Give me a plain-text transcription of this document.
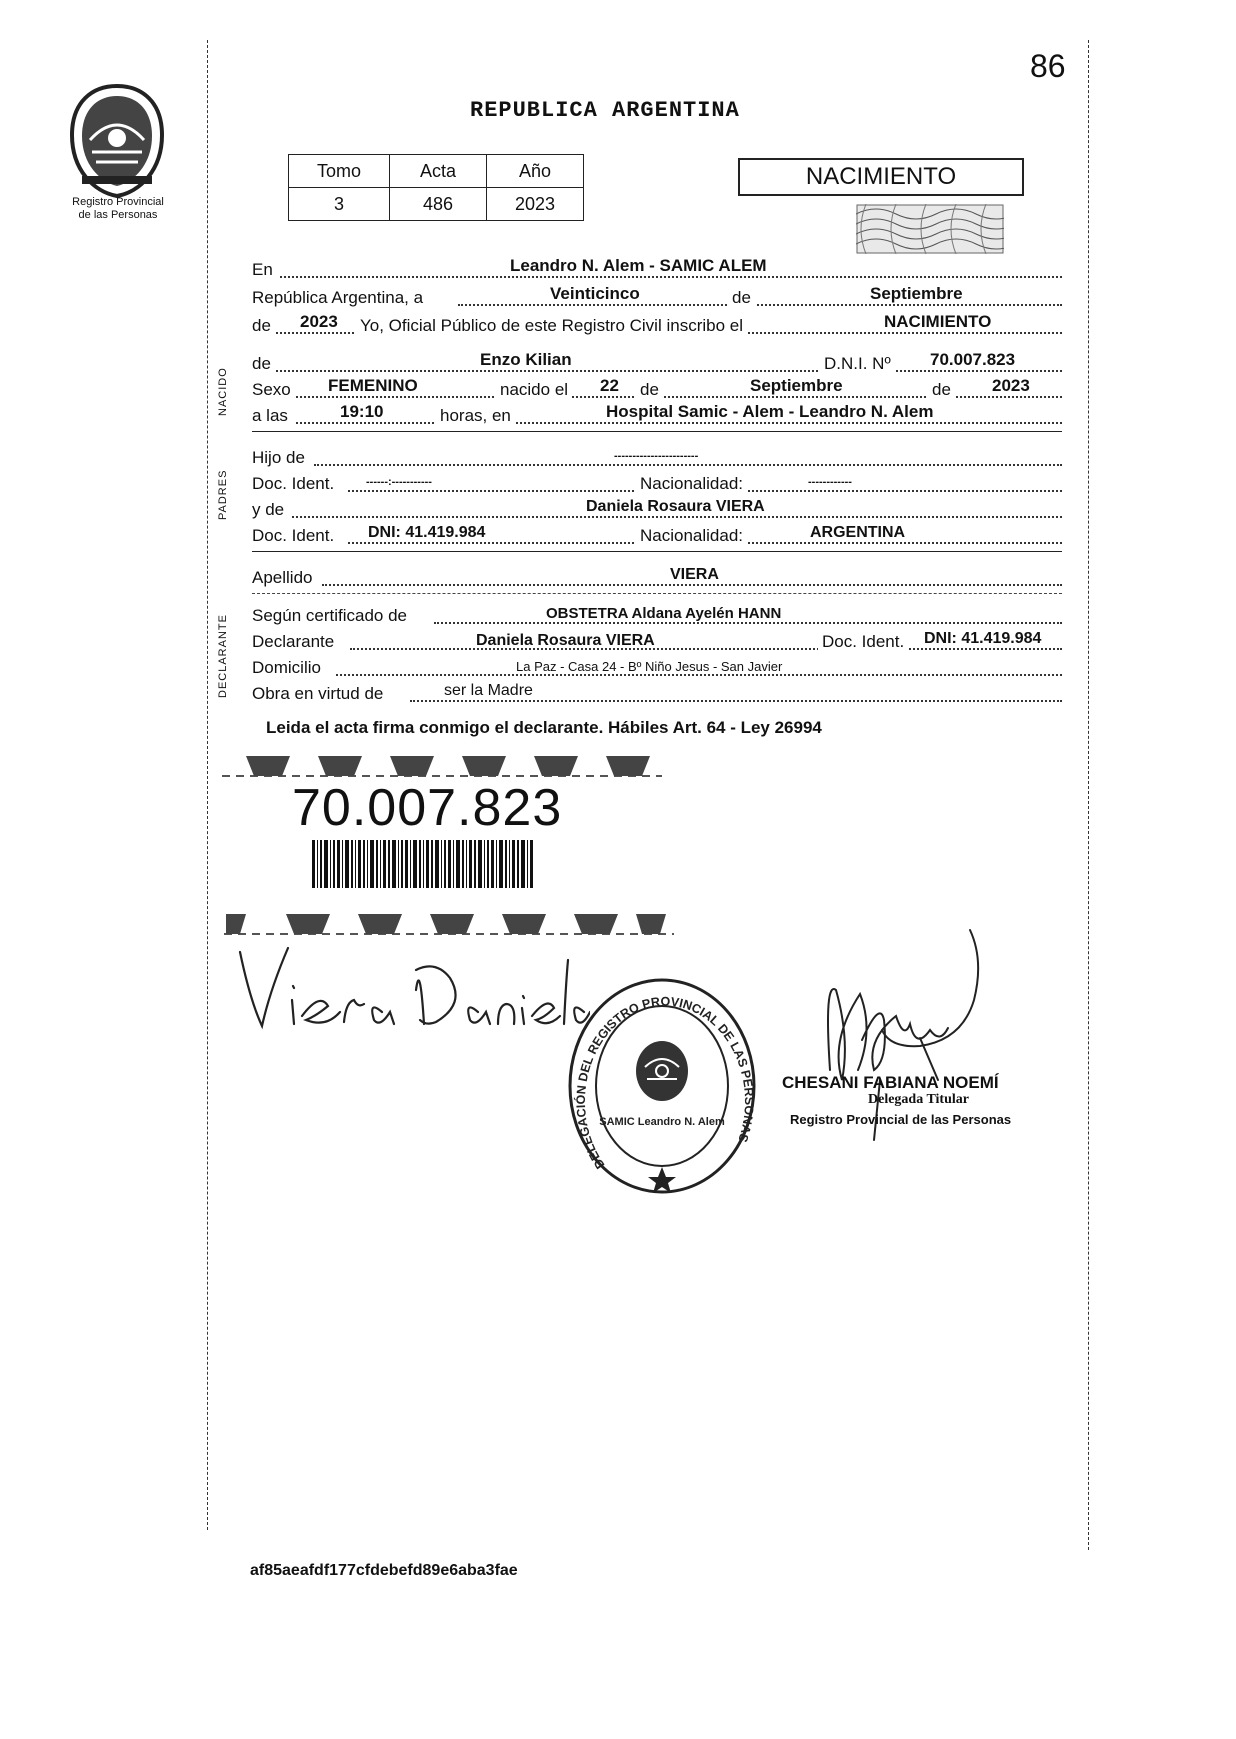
Registro Provincial
de las Personas
86
REPUBLICA ARGENTINA
Tomo	Acta	Año
3	486	2023
NACIMIENTO
En	Leandro N. Alem - SAMIC ALEM
República Argentina, a	Veinticinco	de	Septiembre
de 2023 Yo, Oficial Público de este Registro Civil inscribo el	NACIMIENTO
NACIDO
de	Enzo Kilian	D.N.I. Nº 70.007.823
Sexo FEMENINO	nacido el 22 de	Septiembre	de 2023
a las	19:10	horas, en	Hospital Samic - Alem - Leandro N. Alem
PADRES
Hijo de	-----------------------
Doc. Ident.	------:-----------	Nacionalidad:	------------
y de	Daniela Rosaura VIERA
Doc. Ident. DNI: 41.419.984	Nacionalidad:	ARGENTINA
Apellido	VIERA
DECLARANTE	Según certificado de	OBSTETRA Aldana Ayelén HANN
Declarante	Daniela Rosaura VIERA	Doc. Ident. DNI: 41.419.984
Domicilio	La Paz - Casa 24 - Bº Niño Jesus - San Javier
Obra en virtud de	ser la Madre
Leida el acta firma conmigo el declarante. Hábiles Art. 64 - Ley 26994
70.007.823
DELEGACIÓN DEL REGISTRO PROVINCIAL DE LAS PERSONAS
SAMIC Leandro N. Alem
CHESANI FABIANA NOEMÍ
Delegada Titular
Registro Provincial de las Personas
af85aeafdf177cfdebefd89e6aba3fae
